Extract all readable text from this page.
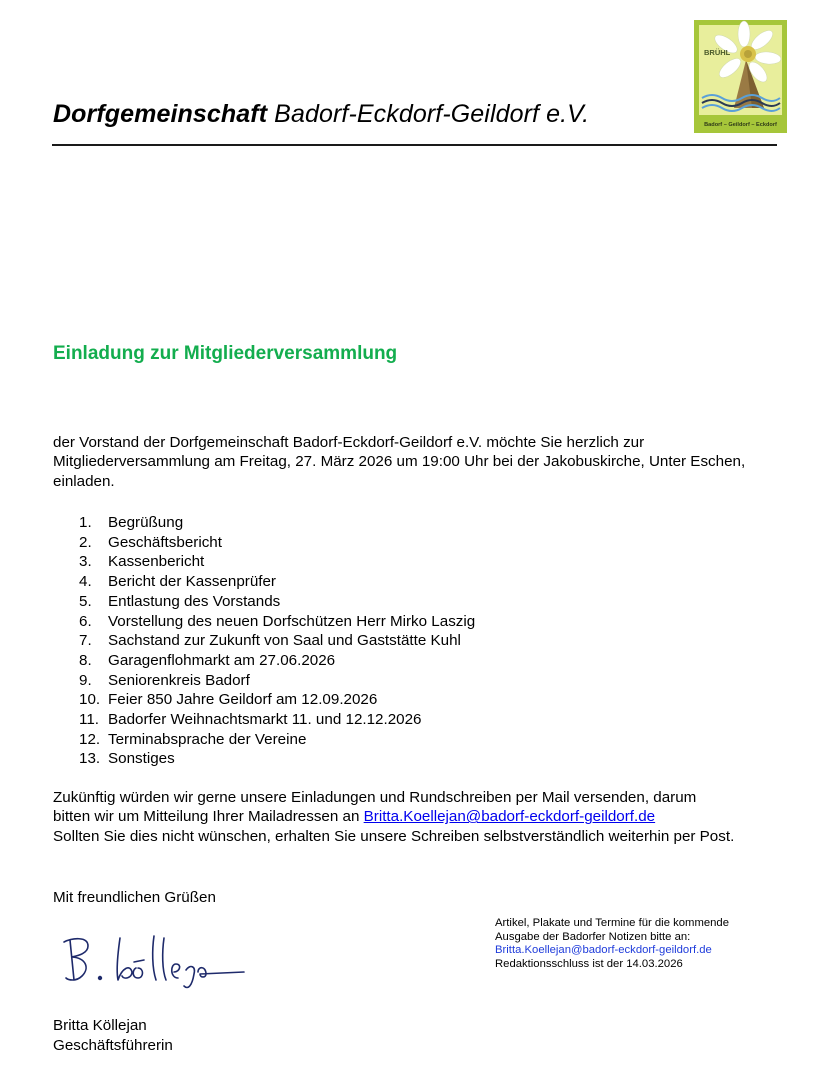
Dorfgemeinschaft Badorf-Eckdorf-Geildorf e.V.
BRÜHL
Badorf – Geildorf – Eckdorf
Einladung zur Mitgliederversammlung
der Vorstand der Dorfgemeinschaft Badorf-Eckdorf-Geildorf e.V. möchte Sie herzlich zur Mitgliederversammlung am Freitag, 27. März 2026 um 19:00 Uhr bei der Jakobuskirche, Unter Eschen, einladen.
1. Begrüßung
2. Geschäftsbericht
3. Kassenbericht
4. Bericht der Kassenprüfer
5. Entlastung des Vorstands
6. Vorstellung des neuen Dorfschützen Herr Mirko Laszig
7. Sachstand zur Zukunft von Saal und Gaststätte Kuhl
8. Garagenflohmarkt am 27.06.2026
9. Seniorenkreis Badorf
10. Feier 850 Jahre Geildorf am 12.09.2026
11. Badorfer Weihnachtsmarkt 11. und 12.12.2026
12. Terminabsprache der Vereine
13. Sonstiges
Zukünftig würden wir gerne unsere Einladungen und Rundschreiben per Mail versenden, darum
bitten wir um Mitteilung Ihrer Mailadressen an Britta.Koellejan@badorf-eckdorf-geildorf.de
Sollten Sie dies nicht wünschen, erhalten Sie unsere Schreiben selbstverständlich weiterhin per Post.
Mit freundlichen Grüßen
Britta Köllejan
Geschäftsführerin
Artikel, Plakate und Termine für die kommende
Ausgabe der Badorfer Notizen bitte an:
Britta.Koellejan@badorf-eckdorf-geildorf.de
Redaktionsschluss ist der 14.03.2026
